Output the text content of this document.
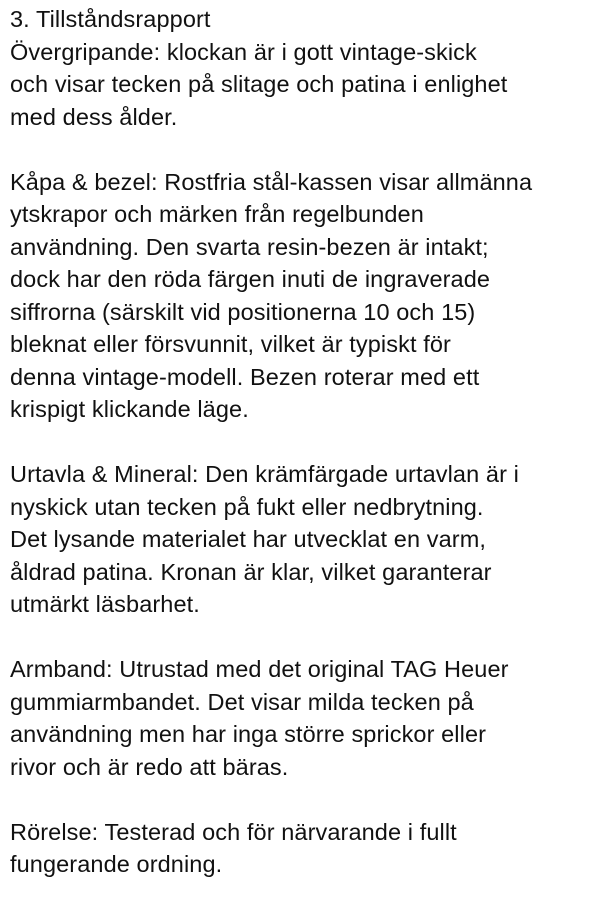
3. Tillståndsrapport
Övergripande: klockan är i gott vintage-skick
och visar tecken på slitage och patina i enlighet
med dess ålder.
Kåpa & bezel: Rostfria stål-kassen visar allmänna
ytskrapor och märken från regelbunden
användning. Den svarta resin-bezen är intakt;
dock har den röda färgen inuti de ingraverade
siffrorna (särskilt vid positionerna 10 och 15)
bleknat eller försvunnit, vilket är typiskt för
denna vintage-modell. Bezen roterar med ett
krispigt klickande läge.
Urtavla & Mineral: Den krämfärgade urtavlan är i
nyskick utan tecken på fukt eller nedbrytning.
Det lysande materialet har utvecklat en varm,
åldrad patina. Kronan är klar, vilket garanterar
utmärkt läsbarhet.
Armband: Utrustad med det original TAG Heuer
gummiarmbandet. Det visar milda tecken på
användning men har inga större sprickor eller
rivor och är redo att bäras.
Rörelse: Testerad och för närvarande i fullt
fungerande ordning.
